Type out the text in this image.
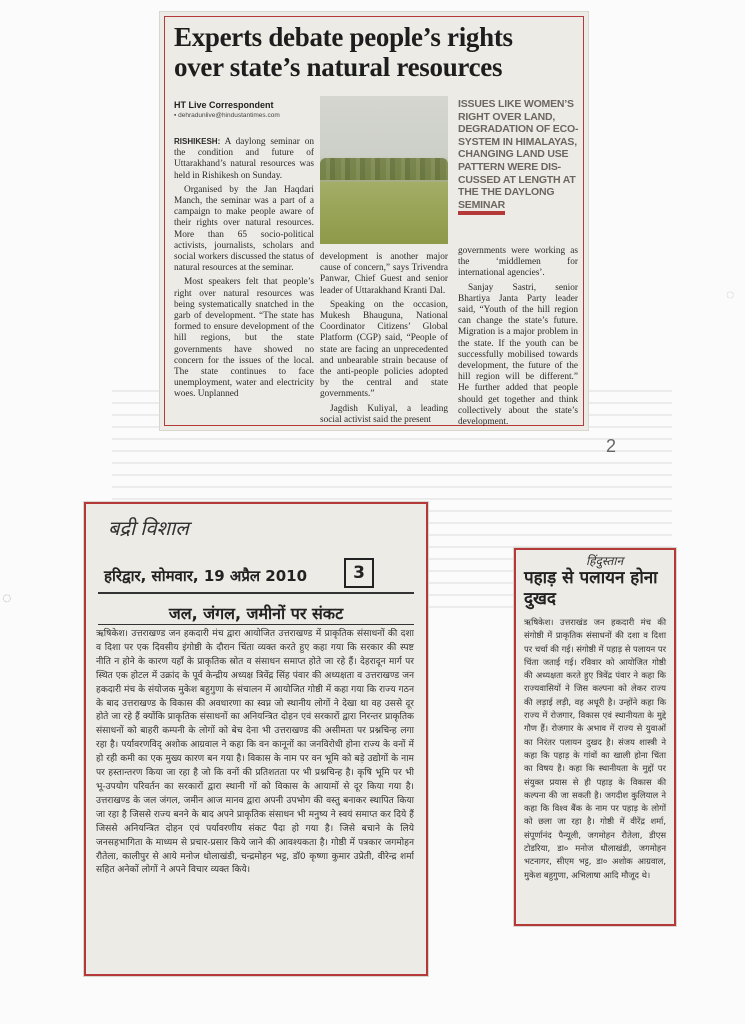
Experts debate people’s rights
over state’s natural resources
HT Live Correspondent
▪ dehradunlive@hindustantimes.com
ISSUES LIKE WOMEN’S RIGHT OVER LAND, DEGRADATION OF ECO-SYSTEM IN HIMALAYAS, CHANGING LAND USE PATTERN WERE DIS-CUSSED AT LENGTH AT THE THE DAYLONG SEMINAR

RISHIKESH: A daylong seminar on the condition and future of Uttarakhand’s natural resources was held in Rishikesh on Sunday.

Organised by the Jan Haqdari Manch, the seminar was a part of a campaign to make people aware of their rights over natural resources. More than 65 socio-political activists, journalists, scholars and social workers discussed the status of natural resources at the seminar.

Most speakers felt that people’s right over natural resources was being systematically snatched in the garb of development. “The state has formed to ensure development of the hill regions, but the state governments have showed no concern for the issues of the local. The state continues to face unemployment, water and electricity woes. Unplanned

development is another major cause of concern,” says Trivendra Panwar, Chief Guest and senior leader of Uttarakhand Kranti Dal.

Speaking on the occasion, Mukesh Bhauguna, National Coordinator Citizens’ Global Platform (CGP) said, “People of state are facing an unprecedented and unbearable strain because of the anti-people policies adopted by the central and state governments.”

Jagdish Kuliyal, a leading social activist said the present

governments were working as the ‘middlemen for international agencies’.

Sanjay Sastri, senior Bhartiya Janta Party leader said, “Youth of the hill region can change the state’s future. Migration is a major problem in the state. If the youth can be successfully mobilised towards development, the future of the hill region will be different.” He further added that people should get together and think collectively about the state’s development.

2
◌
◌
बद्री विशाल
हरिद्वार, सोमवार, 19 अप्रैल 2010	3
जल, जंगल, जमीनों पर संकट
ऋषिकेश। उत्तराखण्ड जन हकदारी मंच द्वारा आयोजित उत्तराखण्ड में प्राकृतिक संसाधनों की दशा व दिशा पर एक दिवसीय इंगोष्ठी के दौरान चिंता व्यक्त करते हुए कहा गया कि सरकार की स्पष्ट नीति न होने के कारण यहाँ के प्राकृतिक स्रोत व संसाधन समाप्त होते जा रहे हैं। देहरादून मार्ग पर स्थित एक होटल में उक्रांद के पूर्व केन्द्रीय अध्यक्ष त्रिवेंद्र सिंह पंवार की अध्यक्षता व उत्तराखण्ड जन हकदारी मंच के संयोजक मुकेश बहुगुणा के संचालन में आयोजित गोष्ठी में कहा गया कि राज्य गठन के बाद उत्तराखण्ड के विकास की अवधारणा का स्वप्न जो स्थानीय लोगों ने देखा था वह उससे दूर होते जा रहे हैं क्योंकि प्राकृतिक संसाधनों का अनियन्त्रित दोहन एवं सरकारों द्वारा निरन्तर प्राकृतिक संसाधनों को बाहरी कम्पनी के लोगों को बेच देना भी उत्तराखण्ड की असीमता पर प्रश्नचिन्ह लगा रहा है। पर्यावरणविद् अशोक आग्रवाल ने कहा कि वन कानूनों का जनविरोधी होना राज्य के वनों में हो रही कमी का एक मुख्य कारण बन गया है। विकास के नाम पर वन भूमि को बड़े उद्योगों के नाम पर हस्तान्तरण किया जा रहा है जो कि वनों की प्रतिशतता पर भी प्रश्नचिन्ह है। कृषि भूमि पर भी भू-उपयोग परिवर्तन का सरकारों द्वारा स्थानी गों को विकास के आयामों से दूर किया गया है। उत्तराखण्ड के जल जंगल, जमीन आज मानव द्वारा अपनी उपभोग की वस्तु बनाकर स्थापित किया जा रहा है जिससे राज्य बनने के बाद अपने प्राकृतिक संसाधन भी मनुष्य ने स्वयं समाप्त कर दिये हैं जिससे अनियन्त्रित दोहन एवं पर्यावरणीय संकट पैदा हो गया है। जिसे बचाने के लिये जनसहभागिता के माध्यम से प्रचार-प्रसार किये जाने की आवश्यकता है। गोष्ठी में पत्रकार जगमोहन रौतेला, कालीपुर से आये मनोज धोलाखंडी, चन्द्रमोहन भट्ट, डॉ0 कृष्णा कुमार उप्रेती, वीरेन्द्र शर्मा सहित अनेकों लोगों ने अपने विचार व्यक्त किये।
हिंदुस्तान
पहाड़ से पलायन होना दुखद
ऋषिकेश। उत्तराखंड जन हकदारी मंच की संगोष्ठी में प्राकृतिक संसाधनों की दशा व दिशा पर चर्चा की गई। संगोष्ठी में पहाड़ से पलायन पर चिंता जताई गई। रविवार को आयोजित गोष्ठी की अध्यक्षता करते हुए त्रिवेंद्र पंवार ने कहा कि राज्यवासियों ने जिस कल्पना को लेकर राज्य की लड़ाई लड़ी, वह अधूरी है। उन्होंने कहा कि राज्य में रोजगार, विकास एवं स्थानीयता के मुद्दे गौण हैं। रोजगार के अभाव में राज्य से युवाओं का निरंतर पलायन दुखद है। संजय शास्त्री ने कहा कि पहाड़ के गांवों का खाली होना चिंता का विषय है। कहा कि स्थानीयता के मुद्दों पर संयुक्त प्रयास से ही पहाड़ के विकास की कल्पना की जा सकती है। जगदीश कुलियाल ने कहा कि विश्व बैंक के नाम पर पहाड़ के लोगों को छला जा रहा है। गोष्ठी में वीरेंद्र शर्मा, संपूर्णानंद पैन्यूली, जगमोहन रौतेला, डीएस टोडरिया, डा० मनोज धौलाखंडी, जगमोहन भटनागर, सीएम भट्ट, डा० अशोक आग्रवाल, मुकेश बहुगुणा, अभिलाषा आदि मौजूद थे।
